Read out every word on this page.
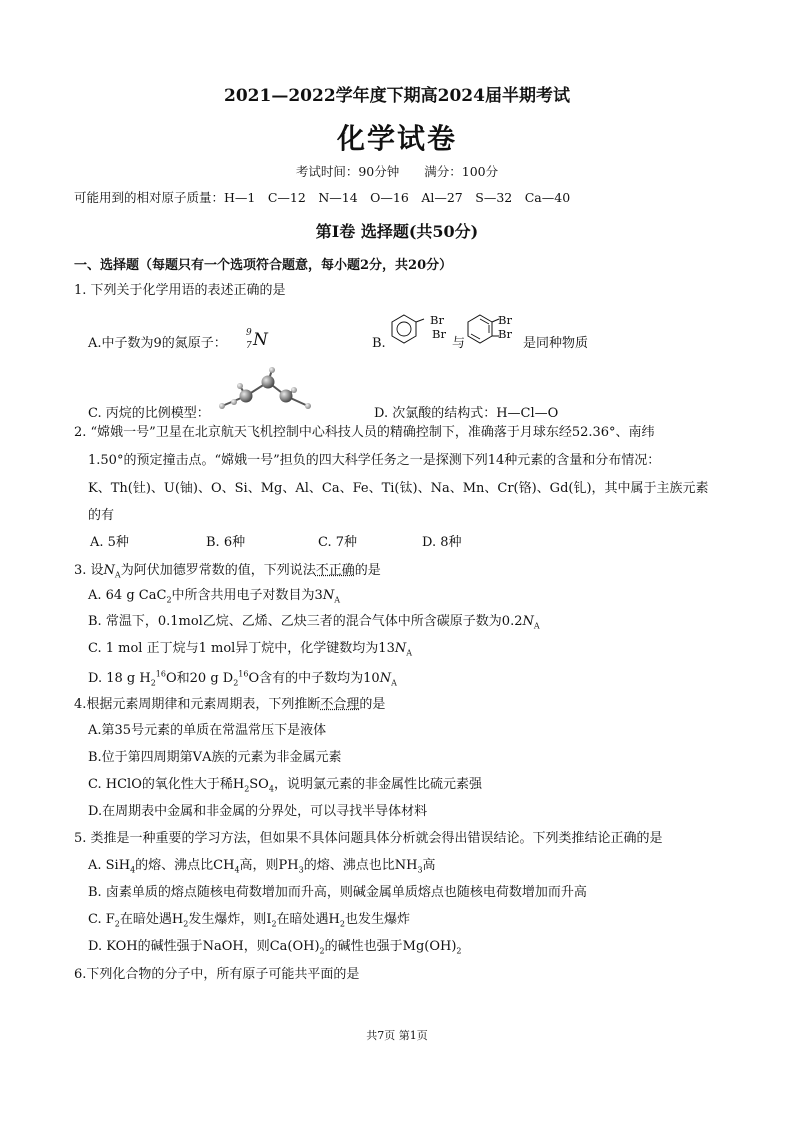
2021—2022学年度下期高2024届半期考试
化学试卷
考试时间：90分钟　　满分：100分
可能用到的相对原子质量：H—1　C—12　N—14　O—16　Al—27　S—32　Ca—40
第Ⅰ卷 选择题(共50分)
一、选择题（每题只有一个选项符合题意，每小题2分，共20分）
1. 下列关于化学用语的表述正确的是
A.中子数为9的氮原子：
9
7 N	B.
Br
Br
与
Br
Br
是同种物质
C. 丙烷的比例模型：	D. 次氯酸的结构式：H—Cl—O
2. “嫦娥一号”卫星在北京航天飞机控制中心科技人员的精确控制下，准确落于月球东经52.36°、南纬
1.50°的预定撞击点。“嫦娥一号”担负的四大科学任务之一是探测下列14种元素的含量和分布情况：
K、Th(钍)、U(铀)、O、Si、Mg、Al、Ca、Fe、Ti(钛)、Na、Mn、Cr(铬)、Gd(钆)，其中属于主族元素
的有
A. 5种	B. 6种	C. 7种	D. 8种
3. 设$N_A$为阿伏加德罗常数的值，下列说法不正确的是
A. 64 g CaC$_2$中所含共用电子对数目为$3N_A$
B. 常温下，0.1mol乙烷、乙烯、乙炔三者的混合气体中所含碳原子数为$0.2N_A$
C. 1 mol 正丁烷与1 mol异丁烷中，化学键数均为$13N_A$
D. 18 g $H_2^{16}O$和20 g $D_2^{16}O$含有的中子数均为$10N_A$
4.根据元素周期律和元素周期表，下列推断不合理的是
A.第35号元素的单质在常温常压下是液体
B.位于第四周期第ⅤA族的元素为非金属元素
C. HClO的氧化性大于稀$H_2SO_4$，说明氯元素的非金属性比硫元素强
D.在周期表中金属和非金属的分界处，可以寻找半导体材料
5. 类推是一种重要的学习方法，但如果不具体问题具体分析就会得出错误结论。下列类推结论正确的是
A. SiH$_4$的熔、沸点比$CH_4$高，则$PH_3$的熔、沸点也比$NH_3$高
B. 卤素单质的熔点随核电荷数增加而升高，则碱金属单质熔点也随核电荷数增加而升高
C. $F_2$在暗处遇$H_2$发生爆炸，则$I_2$在暗处遇$H_2$也发生爆炸
D. KOH的碱性强于NaOH，则$Ca(OH)_2$的碱性也强于$Mg(OH)_2$
6.下列化合物的分子中，所有原子可能共平面的是
共7页 第1页
